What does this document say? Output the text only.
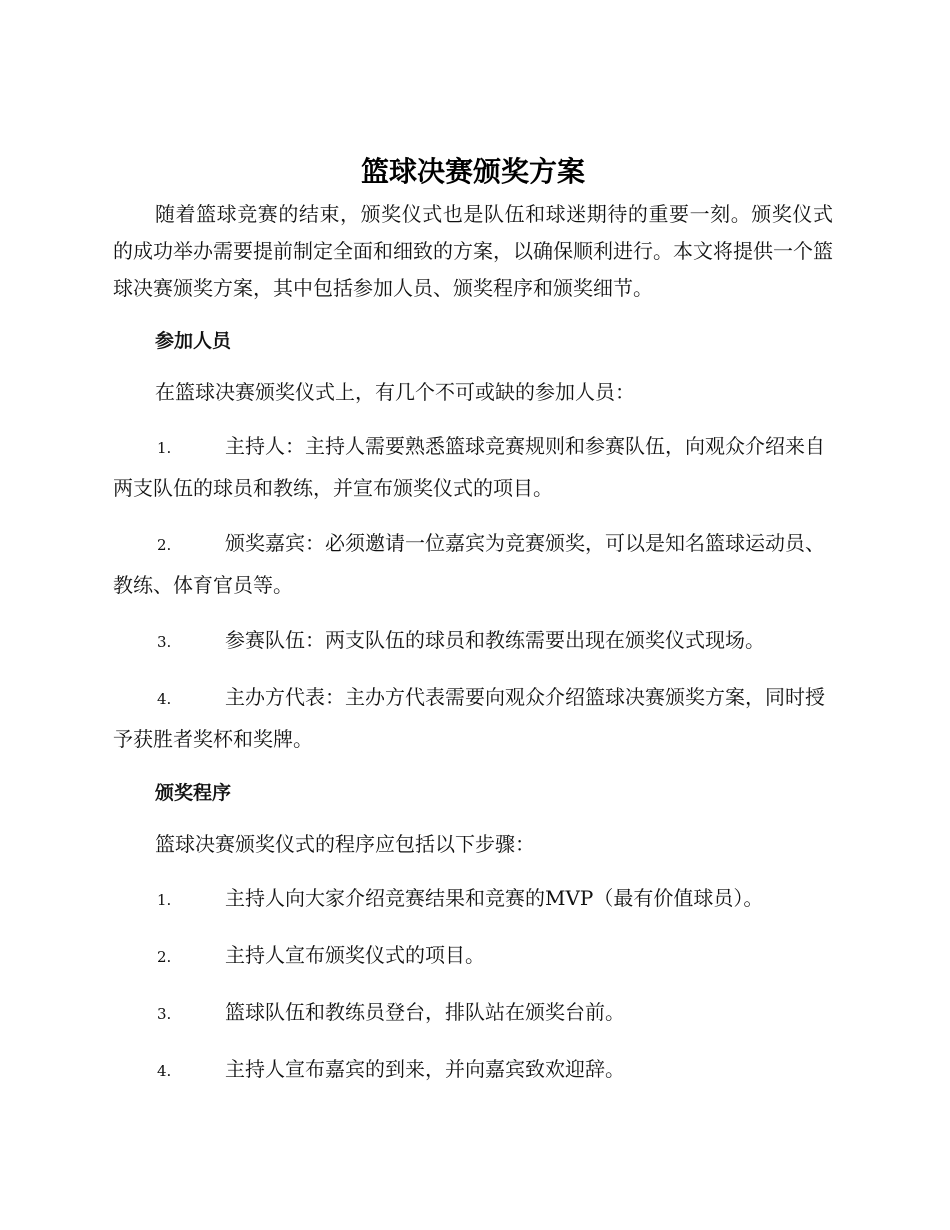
篮球决赛颁奖方案

随着篮球竞赛的结束，颁奖仪式也是队伍和球迷期待的重要一刻。颁奖仪式的成功举办需要提前制定全面和细致的方案，以确保顺利进行。本文将提供一个篮球决赛颁奖方案，其中包括参加人员、颁奖程序和颁奖细节。

参加人员
在篮球决赛颁奖仪式上，有几个不可或缺的参加人员：
1.	主持人：主持人需要熟悉篮球竞赛规则和参赛队伍，向观众介绍来自两支队伍的球员和教练，并宣布颁奖仪式的项目。
2.	颁奖嘉宾：必须邀请一位嘉宾为竞赛颁奖，可以是知名篮球运动员、教练、体育官员等。
3.	参赛队伍：两支队伍的球员和教练需要出现在颁奖仪式现场。
4.	主办方代表：主办方代表需要向观众介绍篮球决赛颁奖方案，同时授予获胜者奖杯和奖牌。
颁奖程序
篮球决赛颁奖仪式的程序应包括以下步骤：
1.	主持人向大家介绍竞赛结果和竞赛的MVP（最有价值球员）。
2.	主持人宣布颁奖仪式的项目。
3.	篮球队伍和教练员登台，排队站在颁奖台前。
4.	主持人宣布嘉宾的到来，并向嘉宾致欢迎辞。
